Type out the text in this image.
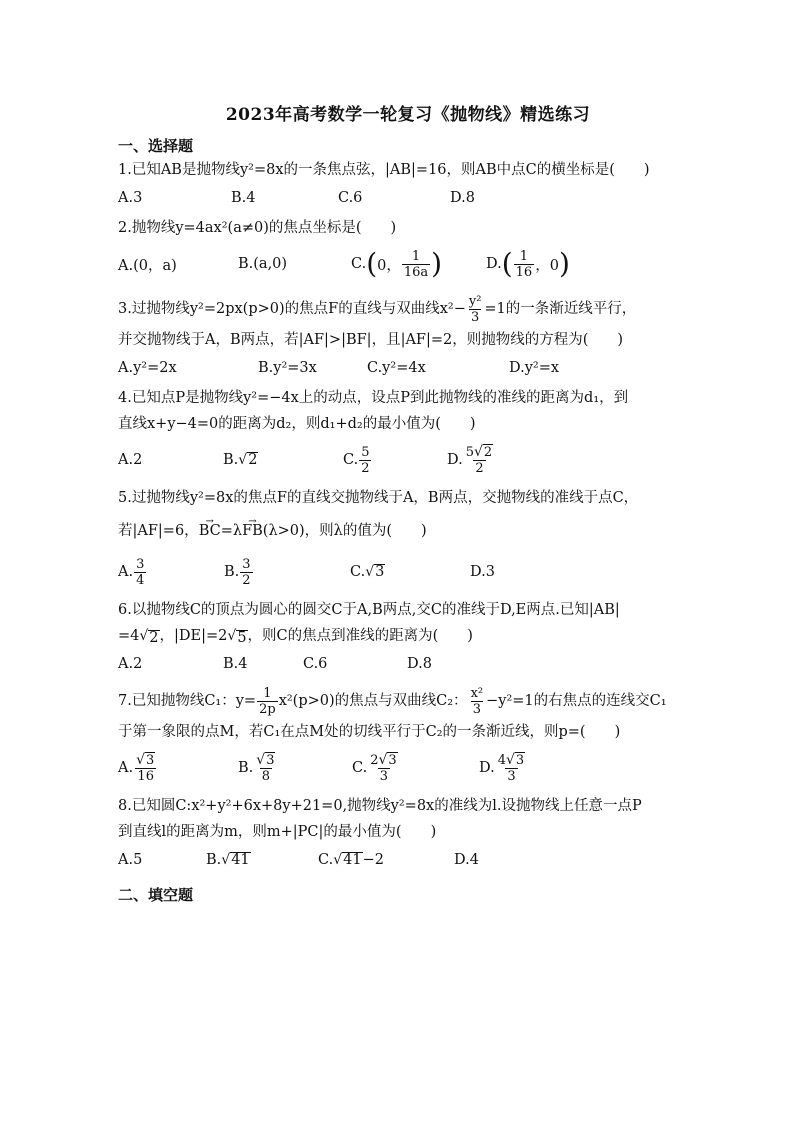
2023年高考数学一轮复习《抛物线》精选练习
一、选择题
1.已知AB是抛物线y²=8x的一条焦点弦，|AB|=16，则AB中点C的横坐标是(　　)
A.3	B.4	C.6	D.8
2.抛物线y=4ax²(a≠0)的焦点坐标是(　　)
A.(0，a)	B.(a,0)	C. ( 0， $\frac{1}{16a}$ )	D. ( $\frac{1}{16}$ ，0 )
3.过抛物线y²=2px(p>0)的焦点F的直线与双曲线$x^2- \frac{\text{y²}}{3} =1$的一条渐近线平行，
并交抛物线于A，B两点，若|AF|>|BF|，且|AF|=2，则抛物线的方程为(　　)
A.y²=2x	B.y²=3x	C.y²=4x	D.y²=x
4.已知点P是抛物线y²=−4x上的动点，设点P到此抛物线的准线的距离为d₁，到
直线x+y−4=0的距离为d₂，则d₁+d₂的最小值为(　　)
A.2	B. √ 2	C. $\frac{5}{2}$	D. $\frac{5 √ 2}{2}$
5.过抛物线y²=8x的焦点F的直线交抛物线于A，B两点，交抛物线的准线于点C，
若|AF|=6，→ BC=λ→ FB(λ>0)，则λ的值为(　　)
A. $\frac{3}{4}$	B. $\frac{3}{2}$	C. √ 3	D.3
6.以抛物线C的顶点为圆心的圆交C于A,B两点,交C的准线于D,E两点.已知|AB|
=4 √ 2 ，|DE|=2 √ 5 ，则C的焦点到准线的距离为(　　)
A.2	B.4	C.6	D.8
7.已知抛物线C₁：$y= \frac{1}{2p} x^2(p>0)$的焦点与双曲线C₂： $\frac{\text{x²}}{3} -y^2=1$的右焦点的连线交C₁
于第一象限的点M，若C₁在点M处的切线平行于C₂的一条渐近线，则p=(　　)
A. $\frac{√ 3}{16}$	B. $\frac{√ 3}{8}$	C. $\frac{2 √ 3}{3}$	D. $\frac{4 √ 3}{3}$
8.已知圆C:x²+y²+6x+8y+21=0,抛物线y²=8x的准线为l.设抛物线上任意一点P
到直线l的距离为m，则m+|PC|的最小值为(　　)
A.5	B. √ 41	C. √ 41 −2	D.4
二、填空题
